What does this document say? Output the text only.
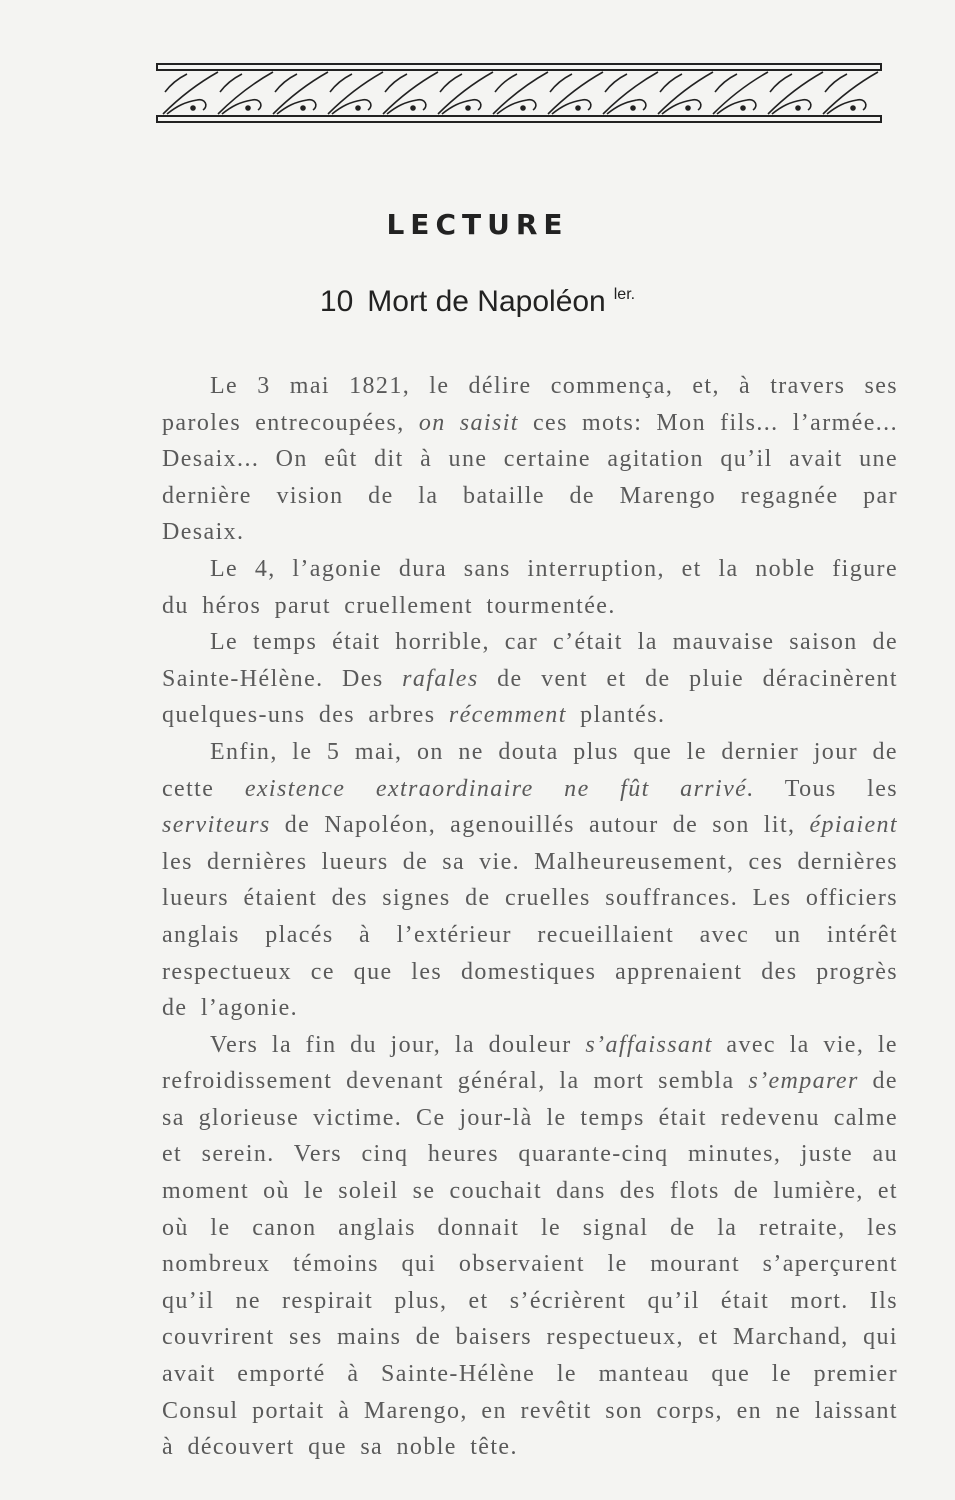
LECTURE
10 Mort de Napoléon $^{ler.}$

Le 3 mai 1821, le délire commença, et, à travers ses paroles entrecoupées, on saisit ces mots: Mon fils... l’armée... Desaix... On eût dit à une certaine agitation qu’il avait une dernière vision de la bataille de Marengo regagnée par Desaix.

Le 4, l’agonie dura sans interruption, et la noble figure du héros parut cruellement tourmentée.

Le temps était horrible, car c’était la mauvaise saison de Sainte-Hélène. Des rafales de vent et de pluie déracinèrent quelques-uns des arbres récemment plantés.

Enfin, le 5 mai, on ne douta plus que le dernier jour de cette existence extraordinaire ne fût arrivé. Tous les serviteurs de Napoléon, agenouillés autour de son lit, épiaient les dernières lueurs de sa vie. Malheureusement, ces dernières lueurs étaient des signes de cruelles souffrances. Les officiers anglais placés à l’extérieur recueillaient avec un intérêt respectueux ce que les domestiques apprenaient des progrès de l’agonie.

Vers la fin du jour, la douleur s’affaissant avec la vie, le refroidissement devenant général, la mort sembla s’emparer de sa glorieuse victime. Ce jour-là le temps était redevenu calme et serein. Vers cinq heures quarante-cinq minutes, juste au moment où le soleil se couchait dans des flots de lumière, et où le canon anglais donnait le signal de la retraite, les nombreux témoins qui observaient le mourant s’aperçurent qu’il ne respirait plus, et s’écrièrent qu’il était mort. Ils couvrirent ses mains de baisers respectueux, et Marchand, qui avait emporté à Sainte-Hélène le manteau que le premier Consul portait à Marengo, en revêtit son corps, en ne laissant à découvert que sa noble tête.
